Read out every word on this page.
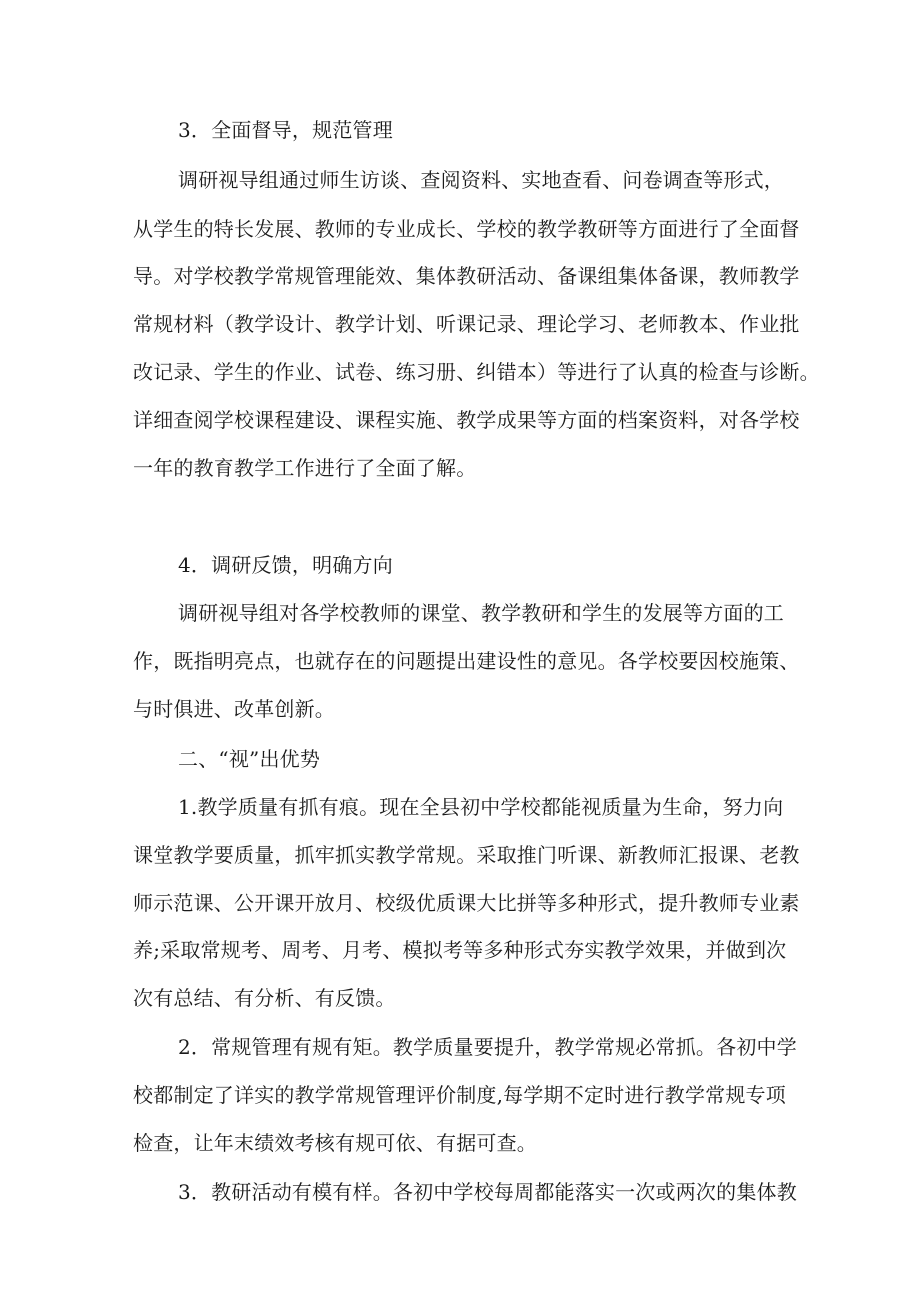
3．全面督导，规范管理
调研视导组通过师生访谈、查阅资料、实地查看、问卷调查等形式，
从学生的特长发展、教师的专业成长、学校的教学教研等方面进行了全面督
导。对学校教学常规管理能效、集体教研活动、备课组集体备课，教师教学
常规材料（教学设计、教学计划、听课记录、理论学习、老师教本、作业批
改记录、学生的作业、试卷、练习册、纠错本）等进行了认真的检查与诊断。
详细查阅学校课程建设、课程实施、教学成果等方面的档案资料，对各学校
一年的教育教学工作进行了全面了解。
4．调研反馈，明确方向
调研视导组对各学校教师的课堂、教学教研和学生的发展等方面的工
作，既指明亮点，也就存在的问题提出建设性的意见。各学校要因校施策、
与时俱进、改革创新。
二、“视”出优势
1.教学质量有抓有痕。现在全县初中学校都能视质量为生命，努力向
课堂教学要质量，抓牢抓实教学常规。采取推门听课、新教师汇报课、老教
师示范课、公开课开放月、校级优质课大比拼等多种形式，提升教师专业素
养;采取常规考、周考、月考、模拟考等多种形式夯实教学效果，并做到次
次有总结、有分析、有反馈。
2．常规管理有规有矩。教学质量要提升，教学常规必常抓。各初中学
校都制定了详实的教学常规管理评价制度,每学期不定时进行教学常规专项
检查，让年末绩效考核有规可依、有据可查。
3．教研活动有模有样。各初中学校每周都能落实一次或两次的集体教
